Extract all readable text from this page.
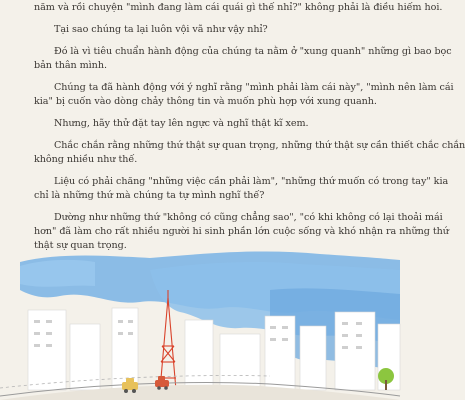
năm và rồi chuyện "mình đang làm cái quái gì thế nhỉ?" không phải là điều hiếm hoi.
Tại sao chúng ta lại luôn vội vã như vậy nhỉ?
Đó là vì tiêu chuẩn hành động của chúng ta nằm ở "xung quanh" những gì bao bọc
bản thân mình.
Chúng ta đã hành động với ý nghĩ rằng "mình phải làm cái này", "mình nên làm cái
kia" bị cuốn vào dòng chảy thông tin và muốn phù hợp với xung quanh.
Nhưng, hãy thử đặt tay lên ngực và nghĩ thật kĩ xem.
Chắc chắn rằng những thứ thật sự quan trọng, những thứ thật sự cần thiết chắc chắn
không nhiều như thế.
Liệu có phải chăng "những việc cần phải làm", "những thứ muốn có trong tay" kia
chỉ là những thứ mà chúng ta tự mình nghĩ thế?
Dường như những thứ "không có cũng chẳng sao", "có khi không có lại thoải mái
hơn" đã làm cho rất nhiều người hi sinh phần lớn cuộc sống và khó nhận ra những thứ
thật sự quan trọng.
